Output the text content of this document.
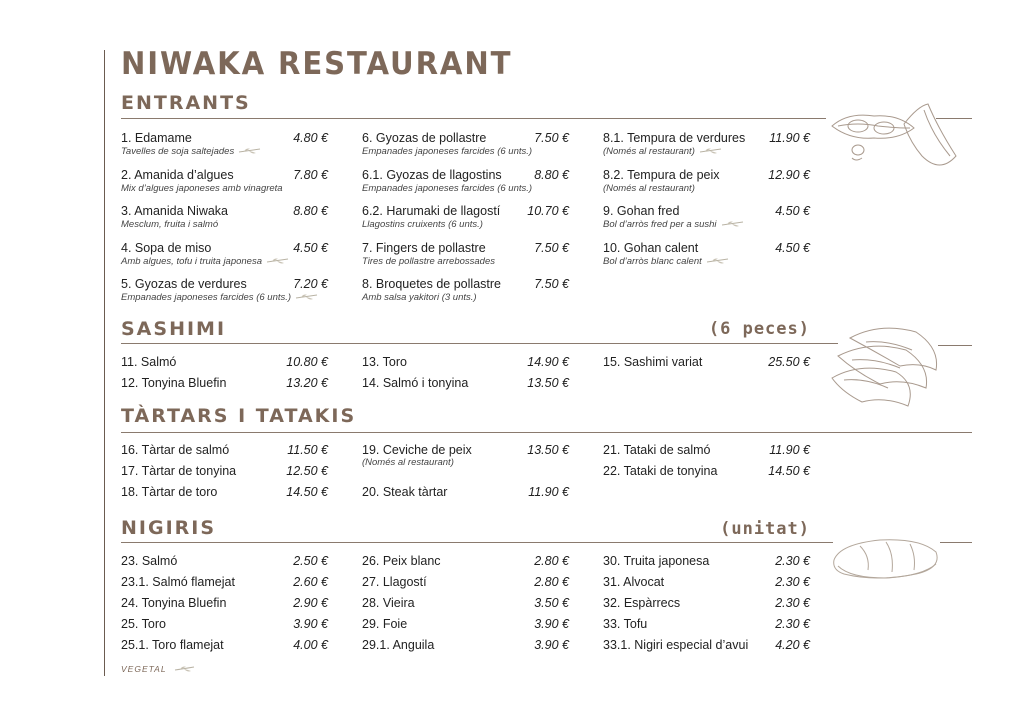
NIWAKA RESTAURANT
ENTRANTS
SASHIMI	(6 peces)
TÀRTARS I TATAKIS
NIGIRIS	(unitat)
1. Edamame	4.80 €
Tavelles de soja saltejades
2. Amanida d’algues	7.80 €
Mix d’algues japoneses amb vinagreta
3. Amanida Niwaka	8.80 €
Mesclum, fruita i salmó
4. Sopa de miso	4.50 €
Amb algues, tofu i truita japonesa
5. Gyozas de verdures	7.20 €
Empanades japoneses farcides (6 unts.)
6. Gyozas de pollastre	7.50 €
Empanades japoneses farcides (6 unts.)
6.1. Gyozas de llagostins	8.80 €
Empanades japoneses farcides (6 unts.)
6.2. Harumaki de llagostí 10.70 €
Llagostins cruixents (6 unts.)
7. Fingers de pollastre	7.50 €
Tires de pollastre arrebossades
8. Broquetes de pollastre	7.50 €
Amb salsa yakitori (3 unts.)
8.1. Tempura de verdures 11.90 €
(Només al restaurant)
8.2. Tempura de peix	12.90 €
(Només al restaurant)
9. Gohan fred	4.50 €
Bol d’arròs fred per a sushi
10. Gohan calent	4.50 €
Bol d’arròs blanc calent
11. Salmó	10.80 €
12. Tonyina Bluefin	13.20 €
13. Toro	14.90 €
14. Salmó i tonyina	13.50 €
15. Sashimi variat	25.50 €
16. Tàrtar de salmó	11.50 €
17. Tàrtar de tonyina	12.50 €
18. Tàrtar de toro	14.50 €
19. Ceviche de peix	13.50 €
(Només al restaurant)
20. Steak tàrtar	11.90 €
21. Tataki de salmó	11.90 €
22. Tataki de tonyina	14.50 €
23. Salmó	2.50 €
23.1. Salmó flamejat	2.60 €
24. Tonyina Bluefin	2.90 €
25. Toro	3.90 €
25.1. Toro flamejat	4.00 €
26. Peix blanc	2.80 €
27. Llagostí	2.80 €
28. Vieira	3.50 €
29. Foie	3.90 €
29.1. Anguila	3.90 €
30. Truita japonesa	2.30 €
31. Alvocat	2.30 €
32. Espàrrecs	2.30 €
33. Tofu	2.30 €
33.1. Nigiri especial d’avui 4.20 €
VEGETAL
